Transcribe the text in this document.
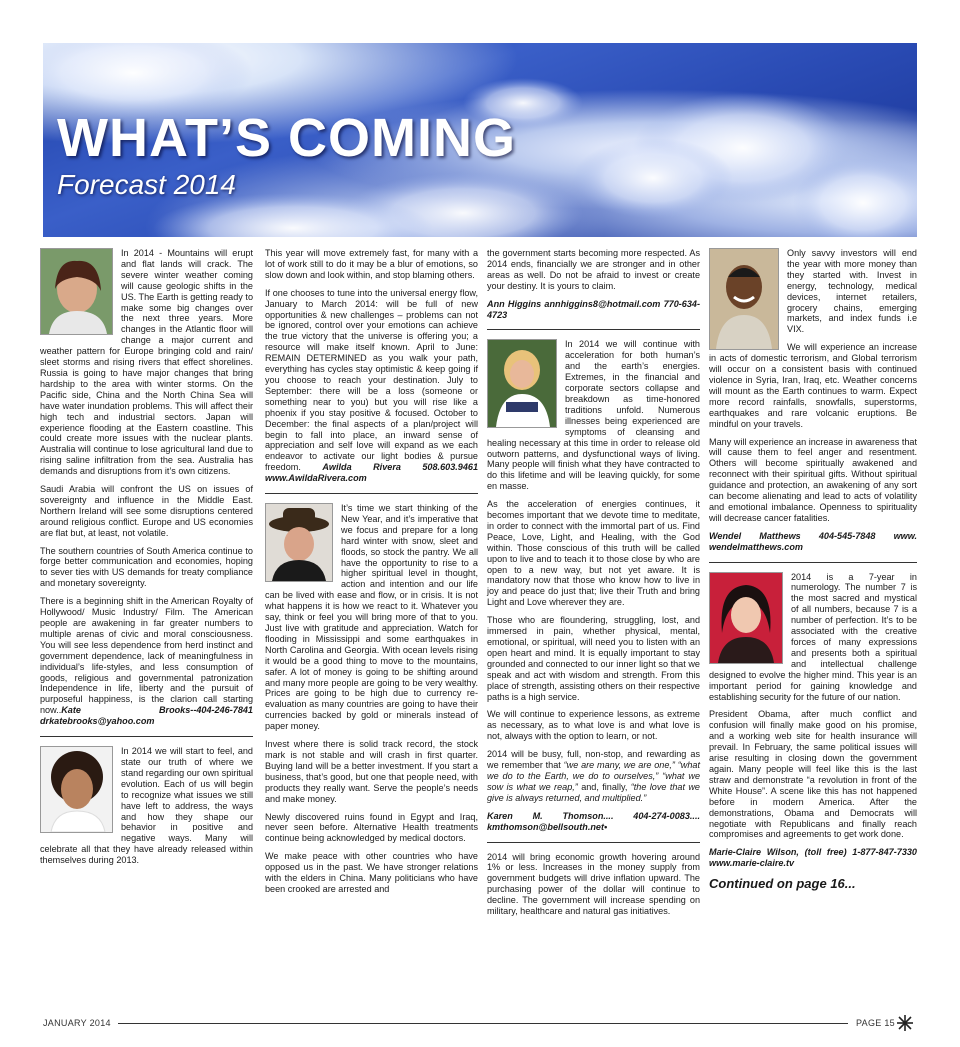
WHAT’S COMING
Forecast 2014

In 2014 - Mountains will erupt and flat lands will crack. The severe winter weather coming will cause geologic shifts in the US. The Earth is getting ready to make some big changes over the next three years. More changes in the Atlantic floor will change a major current and weather pattern for Europe bringing cold and rain/ sleet storms and rising rivers that effect shorelines. Russia is going to have major changes that bring hardship to the area with winter storms. On the Pacific side, China and the North China Sea will have water inundation problems. This will affect their high tech and industrial sectors. Japan will experience flooding at the Eastern coastline. This could create more issues with the nuclear plants. Australia will continue to lose agricultural land due to rising saline infiltration from the sea. Australia has demands and disruptions from it’s own citizens.

Saudi Arabia will confront the US on issues of sovereignty and influence in the Middle East. Northern Ireland will see some disruptions centered around religious conflict. Europe and US economies are flat but, at least, not volatile.

The southern countries of South America continue to forge better communication and economies, hoping to sever ties with US demands for treaty compliance and monetary sovereignty.

There is a beginning shift in the American Royalty of Hollywood/ Music Industry/ Film. The American people are awakening in far greater numbers to multiple arenas of civic and moral consciousness. You will see less dependence from herd instinct and government dependence, lack of meaningfulness in individual’s life-styles, and less consumption of goods, religious and governmental patronization Independence in life, liberty and the pursuit of purposeful happiness, is the clarion call starting now..Kate Brooks--404-246-7841 drkatebrooks@yahoo.com

In 2014 we will start to feel, and state our truth of where we stand regarding our own spiritual evolution. Each of us will begin to recognize what issues we still have left to address, the ways and how they shape our behavior in positive and negative ways. Many will celebrate all that they have already released within themselves during 2013.

This year will move extremely fast, for many with a lot of work still to do it may be a blur of emotions, so slow down and look within, and stop blaming others.

If one chooses to tune into the universal energy flow, January to March 2014: will be full of new opportunities & new challenges – problems can not be ignored, control over your emotions can achieve the true victory that the universe is offering you; a resource will make itself known. April to June: REMAIN DETERMINED as you walk your path, everything has cycles stay optimistic & keep going if you choose to reach your destination. July to September: there will be a loss (someone or something near to you) but you will rise like a phoenix if you stay positive & focused. October to December: the final aspects of a plan/project will begin to fall into place, an inward sense of appreciation and self love will expand as we each endeavor to activate our light bodies & pursue freedom. Awilda Rivera 508.603.9461 www.AwildaRivera.com

It’s time we start thinking of the New Year, and it’s imperative that we focus and prepare for a long hard winter with snow, sleet and floods, so stock the pantry. We all have the opportunity to rise to a higher spiritual level in thought, action and intention and our life can be lived with ease and flow, or in crisis. It is not what happens it is how we react to it. Whatever you say, think or feel you will bring more of that to you. Just live with gratitude and appreciation. Watch for flooding in Mississippi and some earthquakes in North Carolina and Georgia. With ocean levels rising it would be a good thing to move to the mountains, safer. A lot of money is going to be shifting around and many more people are going to be very wealthy. Prices are going to be high due to currency re-evaluation as many countries are going to have their currencies backed by gold or minerals instead of paper money.

Invest where there is solid track record, the stock mark is not stable and will crash in first quarter. Buying land will be a better investment. If you start a business, that’s good, but one that people need, with products they really want. Serve the people’s needs and make money.

Newly discovered ruins found in Egypt and Iraq, never seen before. Alternative Health treatments continue being acknowledged by medical doctors.

We make peace with other countries who have opposed us in the past. We have stronger relations with the elders in China. Many politicians who have been crooked are arrested and

the government starts becoming more respected. As 2014 ends, financially we are stronger and in other areas as well. Do not be afraid to invest or create your destiny. It is yours to claim.

Ann Higgins annhiggins8@hotmail.com 770-634-4723

In 2014 we will continue with acceleration for both human’s and the earth’s energies. Extremes, in the financial and corporate sectors collapse and breakdown as time-honored traditions unfold. Numerous illnesses being experienced are symptoms of cleansing and healing necessary at this time in order to release old outworn patterns, and dysfunctional ways of living. Many people will finish what they have contracted to do this lifetime and will be leaving quickly, for some en masse.

As the acceleration of energies continues, it becomes important that we devote time to meditate, in order to connect with the immortal part of us. Find Peace, Love, Light, and Healing, with the God within. Those conscious of this truth will be called upon to live and to teach it to those close by who are open to a new way, but not yet aware. It is mandatory now that those who know how to live in joy and peace do just that; live their Truth and bring Light and Love wherever they are.

Those who are floundering, struggling, lost, and immersed in pain, whether physical, mental, emotional, or spiritual, will need you to listen with an open heart and mind. It is equally important to stay grounded and connected to our inner light so that we speak and act with wisdom and strength. From this place of strength, assisting others on their respective paths is a high service.

We will continue to experience lessons, as extreme as necessary, as to what love is and what love is not, always with the option to learn, or not.

2014 will be busy, full, non-stop, and rewarding as we remember that “we are many, we are one,” “what we do to the Earth, we do to ourselves,” “what we sow is what we reap,” and, finally, “the love that we give is always returned, and multiplied.”

Karen M. Thomson.... 404-274-0083.... kmthomson@bellsouth.net•

2014 will bring economic growth hovering around 1% or less. Increases in the money supply from government budgets will drive inflation upward. The purchasing power of the dollar will continue to decline. The government will increase spending on military, healthcare and natural gas initiatives.

Only savvy investors will end the year with more money than they started with. Invest in energy, technology, medical devices, internet retailers, grocery chains, emerging markets, and index funds i.e VIX.

We will experience an increase in acts of domestic terrorism, and Global terrorism will occur on a consistent basis with continued violence in Syria, Iran, Iraq, etc. Weather concerns will mount as the Earth continues to warm. Expect more record rainfalls, snowfalls, superstorms, earthquakes and rare volcanic eruptions. Be mindful on your travels.

Many will experience an increase in awareness that will cause them to feel anger and resentment. Others will become spiritually awakened and reconnect with their spiritual gifts. Without spiritual guidance and protection, an awakening of any sort can become alienating and lead to acts of volatility and emotional imbalance. Openness to spirituality will decrease cancer fatalities.

Wendel Matthews 404-545-7848 www. wendelmatthews.com

2014 is a 7-year in numerology. The number 7 is the most sacred and mystical of all numbers, because 7 is a number of perfection. It’s to be associated with the creative forces of many expressions and presents both a spiritual and intellectual challenge designed to evolve the higher mind. This year is an important period for gaining knowledge and establishing security for the future of our nation.

President Obama, after much conflict and confusion will finally make good on his promise, and a working web site for health insurance will prevail. In February, the same political issues will arise resulting in closing down the government again. Many people will feel like this is the last straw and demonstrate “a revolution in front of the White House”. A scene like this has not happened before in modern America. After the demonstrations, Obama and Democrats will negotiate with Republicans and finally reach compromises and agreements to get work done.

Marie-Claire Wilson, (toll free) 1-877-847-7330 www.marie-claire.tv

Continued on page 16...
JANUARY 2014	PAGE 15
